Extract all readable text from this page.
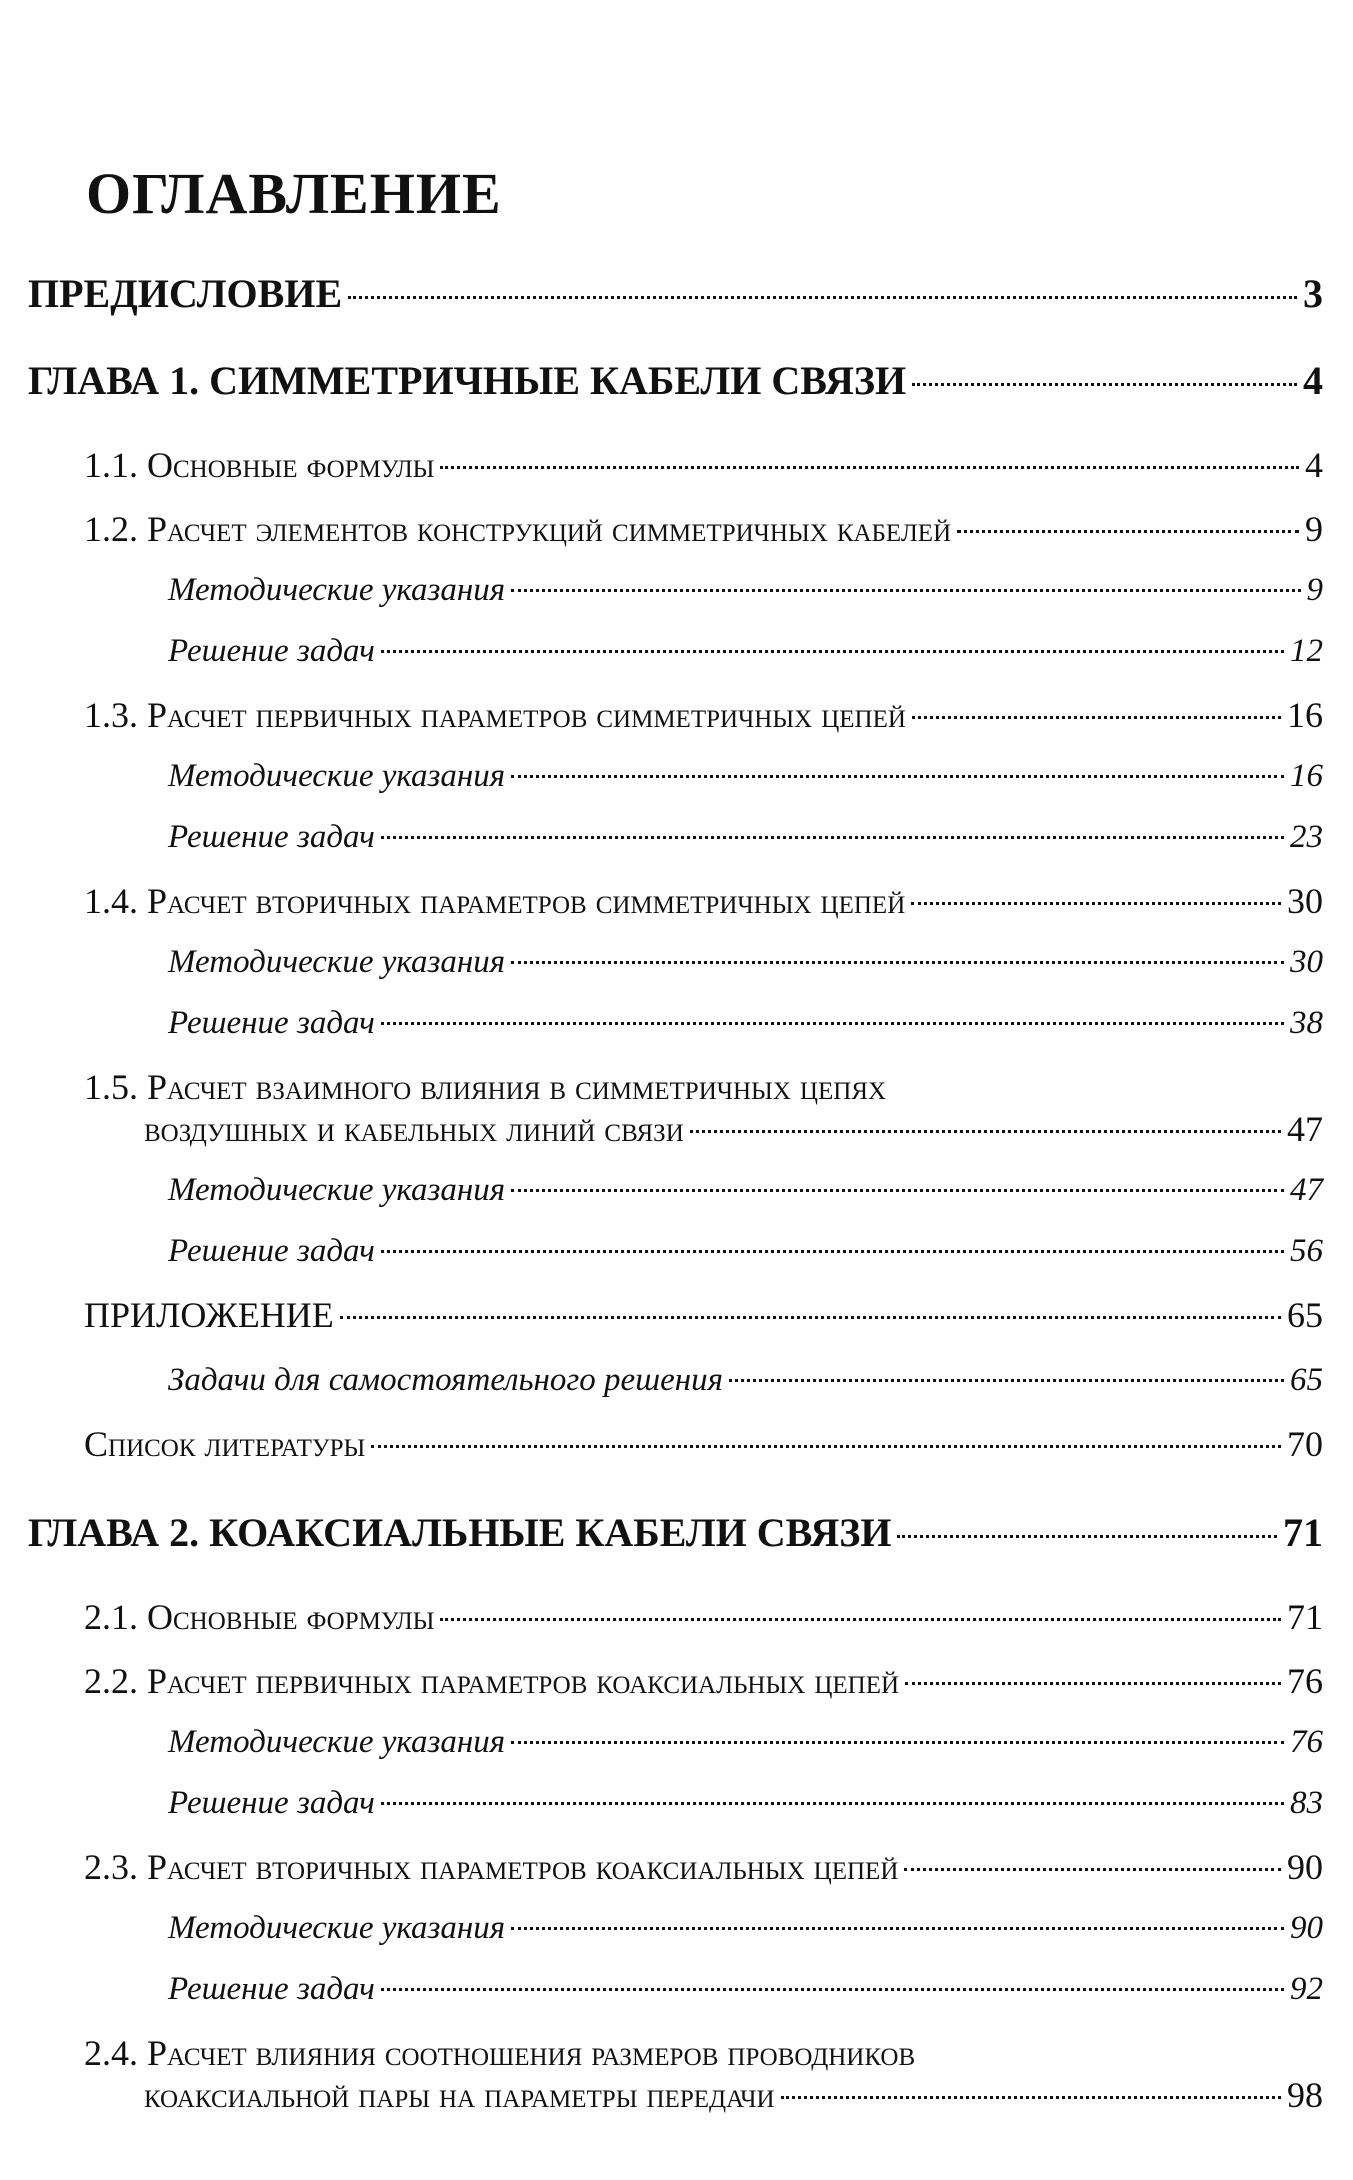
ОГЛАВЛЕНИЕ
ПРЕДИСЛОВИЕ	3
ГЛАВА 1. СИММЕТРИЧНЫЕ КАБЕЛИ СВЯЗИ	4
1.1. Основные формулы	4
1.2. Расчет элементов конструкций симметричных кабелей	9
Методические указания	9
Решение задач	12
1.3. Расчет первичных параметров симметричных цепей	16
Методические указания	16
Решение задач	23
1.4. Расчет вторичных параметров симметричных цепей	30
Методические указания	30
Решение задач	38
1.5. Расчет взаимного влияния в симметричных цепях
воздушных и кабельных линий связи	47
Методические указания	47
Решение задач	56
ПРИЛОЖЕНИЕ	65
Задачи для самостоятельного решения	65
Список литературы	70
ГЛАВА 2. КОАКСИАЛЬНЫЕ КАБЕЛИ СВЯЗИ	71
2.1. Основные формулы	71
2.2. Расчет первичных параметров коаксиальных цепей	76
Методические указания	76
Решение задач	83
2.3. Расчет вторичных параметров коаксиальных цепей	90
Методические указания	90
Решение задач	92
2.4. Расчет влияния соотношения размеров проводников
коаксиальной пары на параметры передачи	98
